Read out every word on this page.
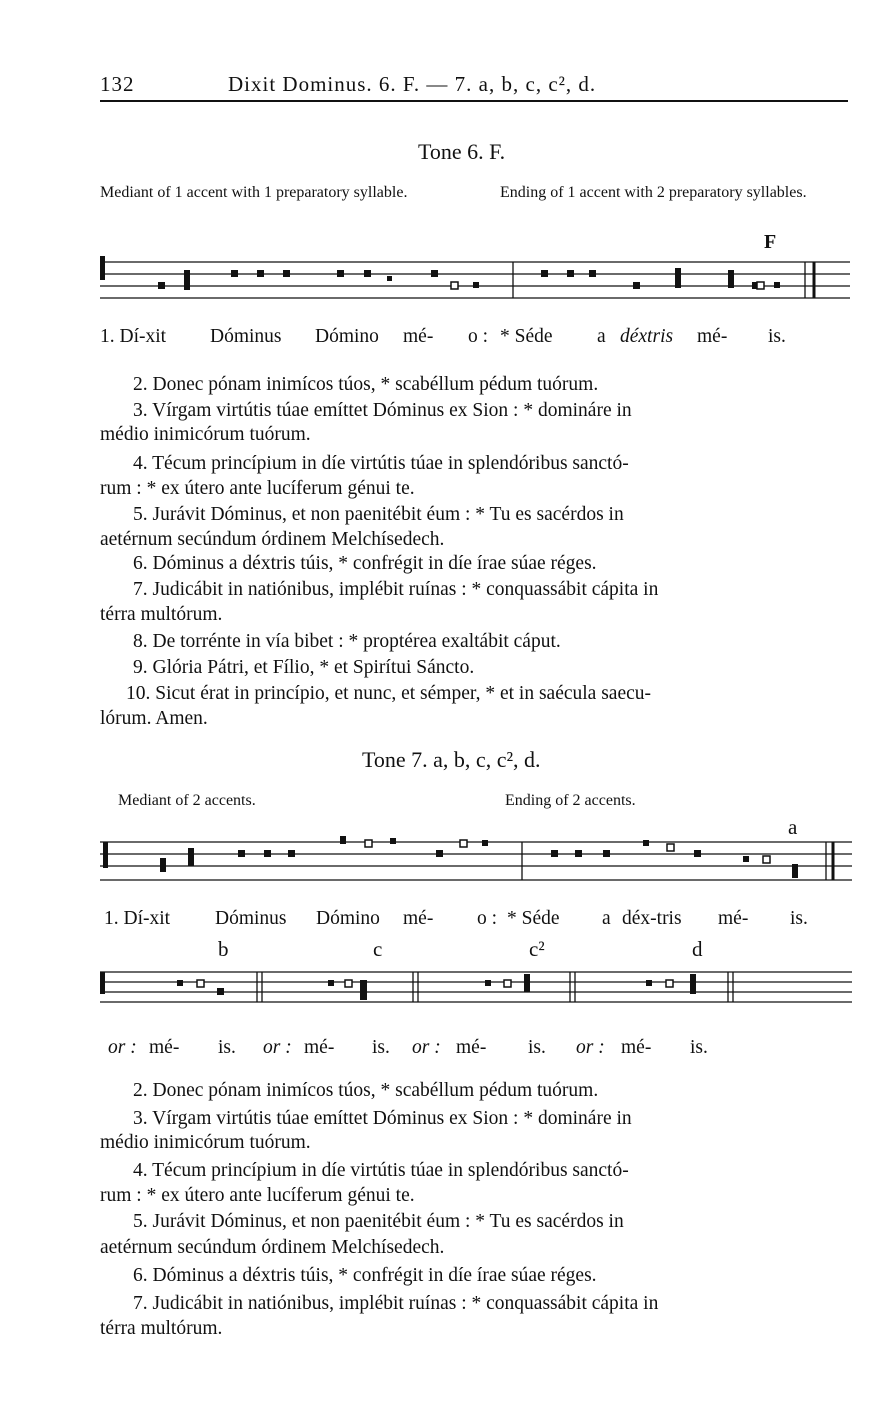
132	Dixit Dominus. 6. F. — 7. a, b, c, c², d.
Tone 6. F.
Mediant of 1 accent with 1 preparatory syllable.	Ending of 1 accent with 2 preparatory syllables.
F
1. Dí-xit Dóminus Dómino mé- o : * Séde a déxtris mé- is.
2. Donec pónam inimícos túos, * scabéllum pédum tuórum.
3. Vírgam virtútis túae emíttet Dóminus ex Sion : * domináre in
médio inimicórum tuórum.
4. Técum princípium in díe virtútis túae in splendóribus sanctó-
rum : * ex útero ante lucíferum génui te.
5. Jurávit Dóminus, et non paenitébit éum : * Tu es sacérdos in
aetérnum secúndum órdinem Melchísedech.
6. Dóminus a déxtris túis, * confrégit in díe írae súae réges.
7. Judicábit in natiónibus, implébit ruínas : * conquassábit cápita in
térra multórum.
8. De torrénte in vía bibet : * proptérea exaltábit cáput.
9. Glória Pátri, et Fílio, * et Spirítui Sáncto.
10. Sicut érat in princípio, et nunc, et sémper, * et in saécula saecu-
lórum. Amen.
Tone 7. a, b, c, c², d.
Mediant of 2 accents.	Ending of 2 accents.
a
1. Dí-xit Dóminus Dómino mé- o : * Séde a déx-tris mé- is.
b	c	c²	d
or : mé- is. or : mé- is. or : mé- is. or : mé- is.
2. Donec pónam inimícos túos, * scabéllum pédum tuórum.
3. Vírgam virtútis túae emíttet Dóminus ex Sion : * domináre in
médio inimicórum tuórum.
4. Técum princípium in díe virtútis túae in splendóribus sanctó-
rum : * ex útero ante lucíferum génui te.
5. Jurávit Dóminus, et non paenitébit éum : * Tu es sacérdos in
aetérnum secúndum órdinem Melchísedech.
6. Dóminus a déxtris túis, * confrégit in díe írae súae réges.
7. Judicábit in natiónibus, implébit ruínas : * conquassábit cápita in
térra multórum.
